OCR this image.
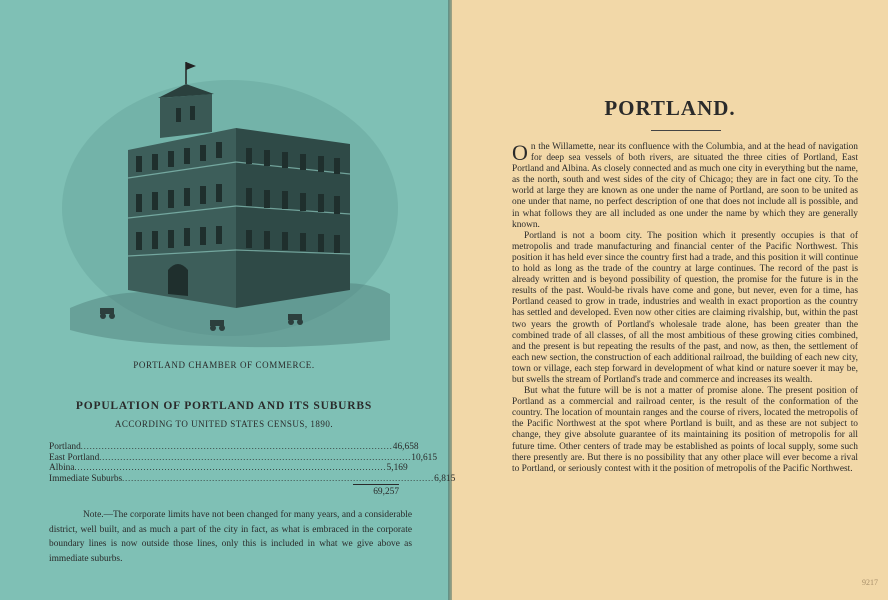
PORTLAND CHAMBER OF COMMERCE.
POPULATION OF PORTLAND AND ITS SUBURBS
ACCORDING TO UNITED STATES CENSUS, 1890.
Portland ........................................................................................................ 46,658
East Portland ........................................................................................................ 10,615
Albina ........................................................................................................ 5,169
Immediate Suburbs ........................................................................................................ 6,815
69,257
Note.—The corporate limits have not been changed for many years, and a considerable district, well built, and as much a part of the city in fact, as what is embraced in the corporate boundary lines is now outside those lines, only this is included in what we give above as immediate suburbs.
PORTLAND.

On the Willamette, near its confluence with the Columbia, and at the head of navigation for deep sea vessels of both rivers, are situated the three cities of Portland, East Portland and Albina. As closely connected and as much one city in everything but the name, as the north, south and west sides of the city of Chicago; they are in fact one city. To the world at large they are known as one under the name of Portland, are soon to be united as one under that name, no perfect description of one that does not include all is possible, and in what follows they are all included as one under the name by which they are generally known.

Portland is not a boom city. The position which it presently occupies is that of metropolis and trade manufacturing and financial center of the Pacific Northwest. This position it has held ever since the country first had a trade, and this position it will continue to hold as long as the trade of the country at large continues. The record of the past is already written and is beyond possibility of question, the promise for the future is in the results of the past. Would-be rivals have come and gone, but never, even for a time, has Portland ceased to grow in trade, industries and wealth in exact proportion as the country has settled and developed. Even now other cities are claiming rivalship, but, within the past two years the growth of Portland's wholesale trade alone, has been greater than the combined trade of all classes, of all the most ambitious of these growing cities combined, and the present is but repeating the results of the past, and now, as then, the settlement of each new section, the construction of each additional railroad, the building of each new city, town or village, each step forward in development of what kind or nature soever it may be, but swells the stream of Portland's trade and commerce and increases its wealth.

But what the future will be is not a matter of promise alone. The present position of Portland as a commercial and railroad center, is the result of the conformation of the country. The location of mountain ranges and the course of rivers, located the metropolis of the Pacific Northwest at the spot where Portland is built, and as these are not subject to change, they give absolute guarantee of its maintaining its position of metropolis for all future time. Other centers of trade may be established as points of local supply, some such there presently are. But there is no possibility that any other place will ever become a rival to Portland, or seriously contest with it the position of metropolis of the Pacific Northwest.

9217
